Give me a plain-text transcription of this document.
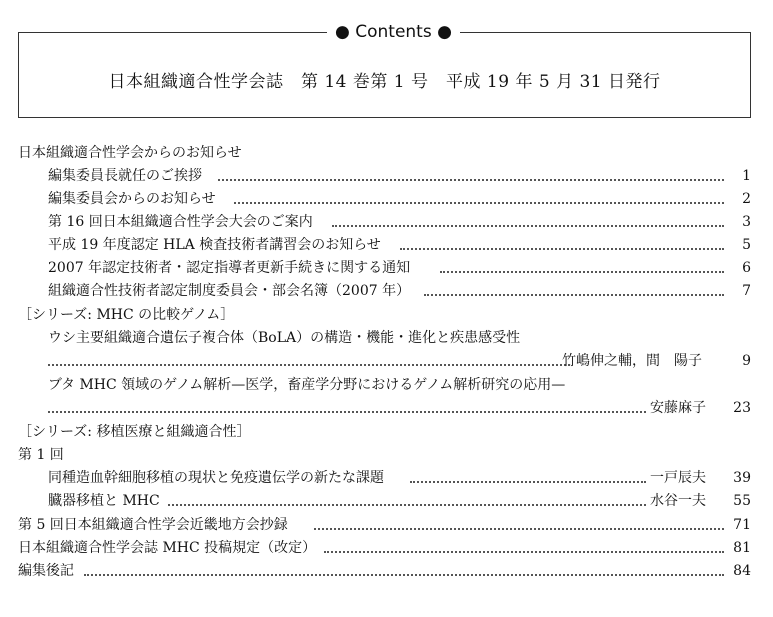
日本組織適合性学会誌　第 14 巻第 1 号　平成 19 年 5 月 31 日発行
● Contents ●
日本組織適合性学会からのお知らせ
編集委員長就任のご挨拶	1
編集委員会からのお知らせ	2
第 16 回日本組織適合性学会大会のご案内	3
平成 19 年度認定 HLA 検査技術者講習会のお知らせ	5
2007 年認定技術者・認定指導者更新手続きに関する通知	6
組織適合性技術者認定制度委員会・部会名簿（2007 年）	7
［シリーズ: MHC の比較ゲノム］
ウシ主要組織適合遺伝子複合体（BoLA）の構造・機能・進化と疾患感受性
竹嶋伸之輔，間　陽子	9
ブタ MHC 領域のゲノム解析—医学，畜産学分野におけるゲノム解析研究の応用—
安藤麻子	23
［シリーズ: 移植医療と組織適合性］
第 1 回
同種造血幹細胞移植の現状と免疫遺伝学の新たな課題	一戸辰夫	39
臓器移植と MHC	水谷一夫	55
第 5 回日本組織適合性学会近畿地方会抄録	71
日本組織適合性学会誌 MHC 投稿規定（改定）	81
編集後記	84
